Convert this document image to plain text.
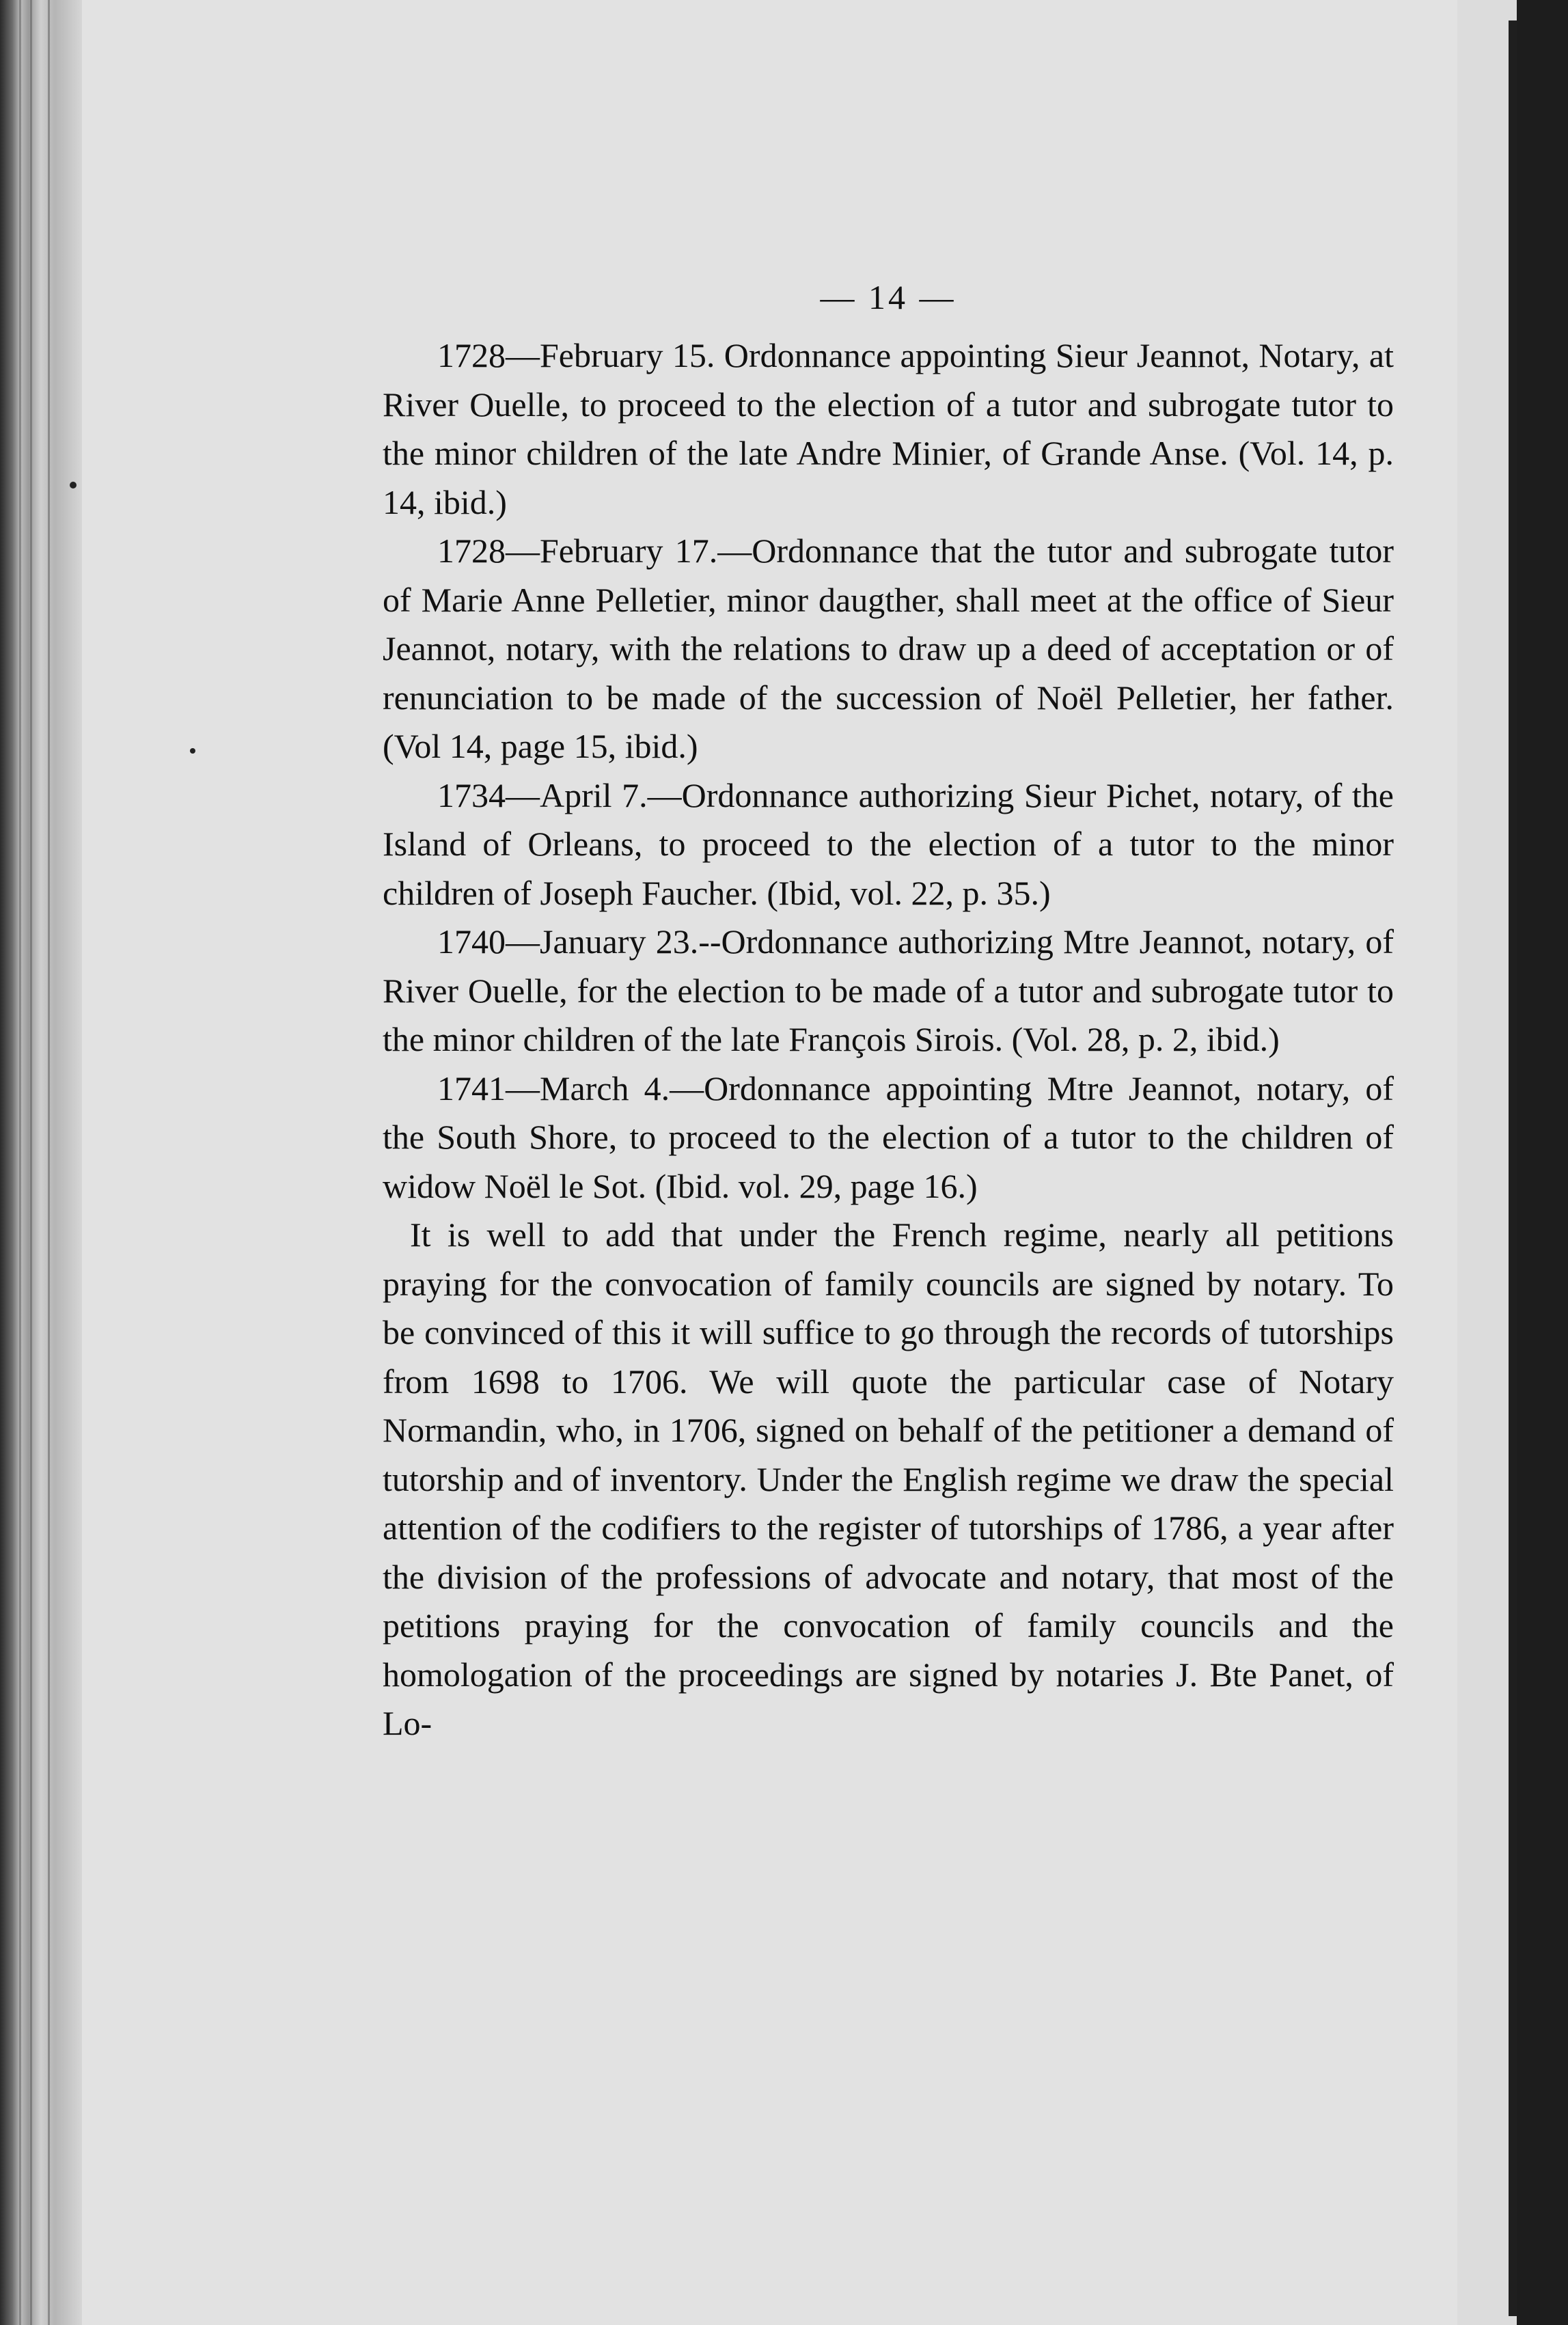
— 14 —

1728—February 15. Ordonnance appointing Sieur Jeannot, Notary, at River Ouelle, to proceed to the election of a tutor and subrogate tutor to the minor children of the late Andre Minier, of Grande Anse. (Vol. 14, p. 14, ibid.)

1728—February 17.—Ordonnance that the tutor and subrogate tutor of Marie Anne Pelletier, minor daugther, shall meet at the office of Sieur Jeannot, notary, with the relations to draw up a deed of acceptation or of renunciation to be made of the succession of Noël Pelletier, her father. (Vol 14, page 15, ibid.)

1734—April 7.—Ordonnance authorizing Sieur Pichet, notary, of the Island of Orleans, to proceed to the election of a tutor to the minor children of Joseph Faucher. (Ibid, vol. 22, p. 35.)

1740—January 23.--Ordonnance authorizing Mtre Jeannot, notary, of River Ouelle, for the election to be made of a tutor and subrogate tutor to the minor children of the late François Sirois. (Vol. 28, p. 2, ibid.)

1741—March 4.—Ordonnance appointing Mtre Jeannot, notary, of the South Shore, to proceed to the election of a tutor to the children of widow Noël le Sot. (Ibid. vol. 29, page 16.)

It is well to add that under the French regime, nearly all petitions praying for the convocation of family councils are signed by notary. To be convinced of this it will suffice to go through the records of tutorships from 1698 to 1706. We will quote the particular case of Notary Normandin, who, in 1706, signed on behalf of the petitioner a demand of tutorship and of inventory. Under the English regime we draw the special attention of the codifiers to the register of tutorships of 1786, a year after the division of the professions of advocate and notary, that most of the petitions praying for the convocation of family councils and the homologation of the proceedings are signed by notaries J. Bte Panet, of Lo-
